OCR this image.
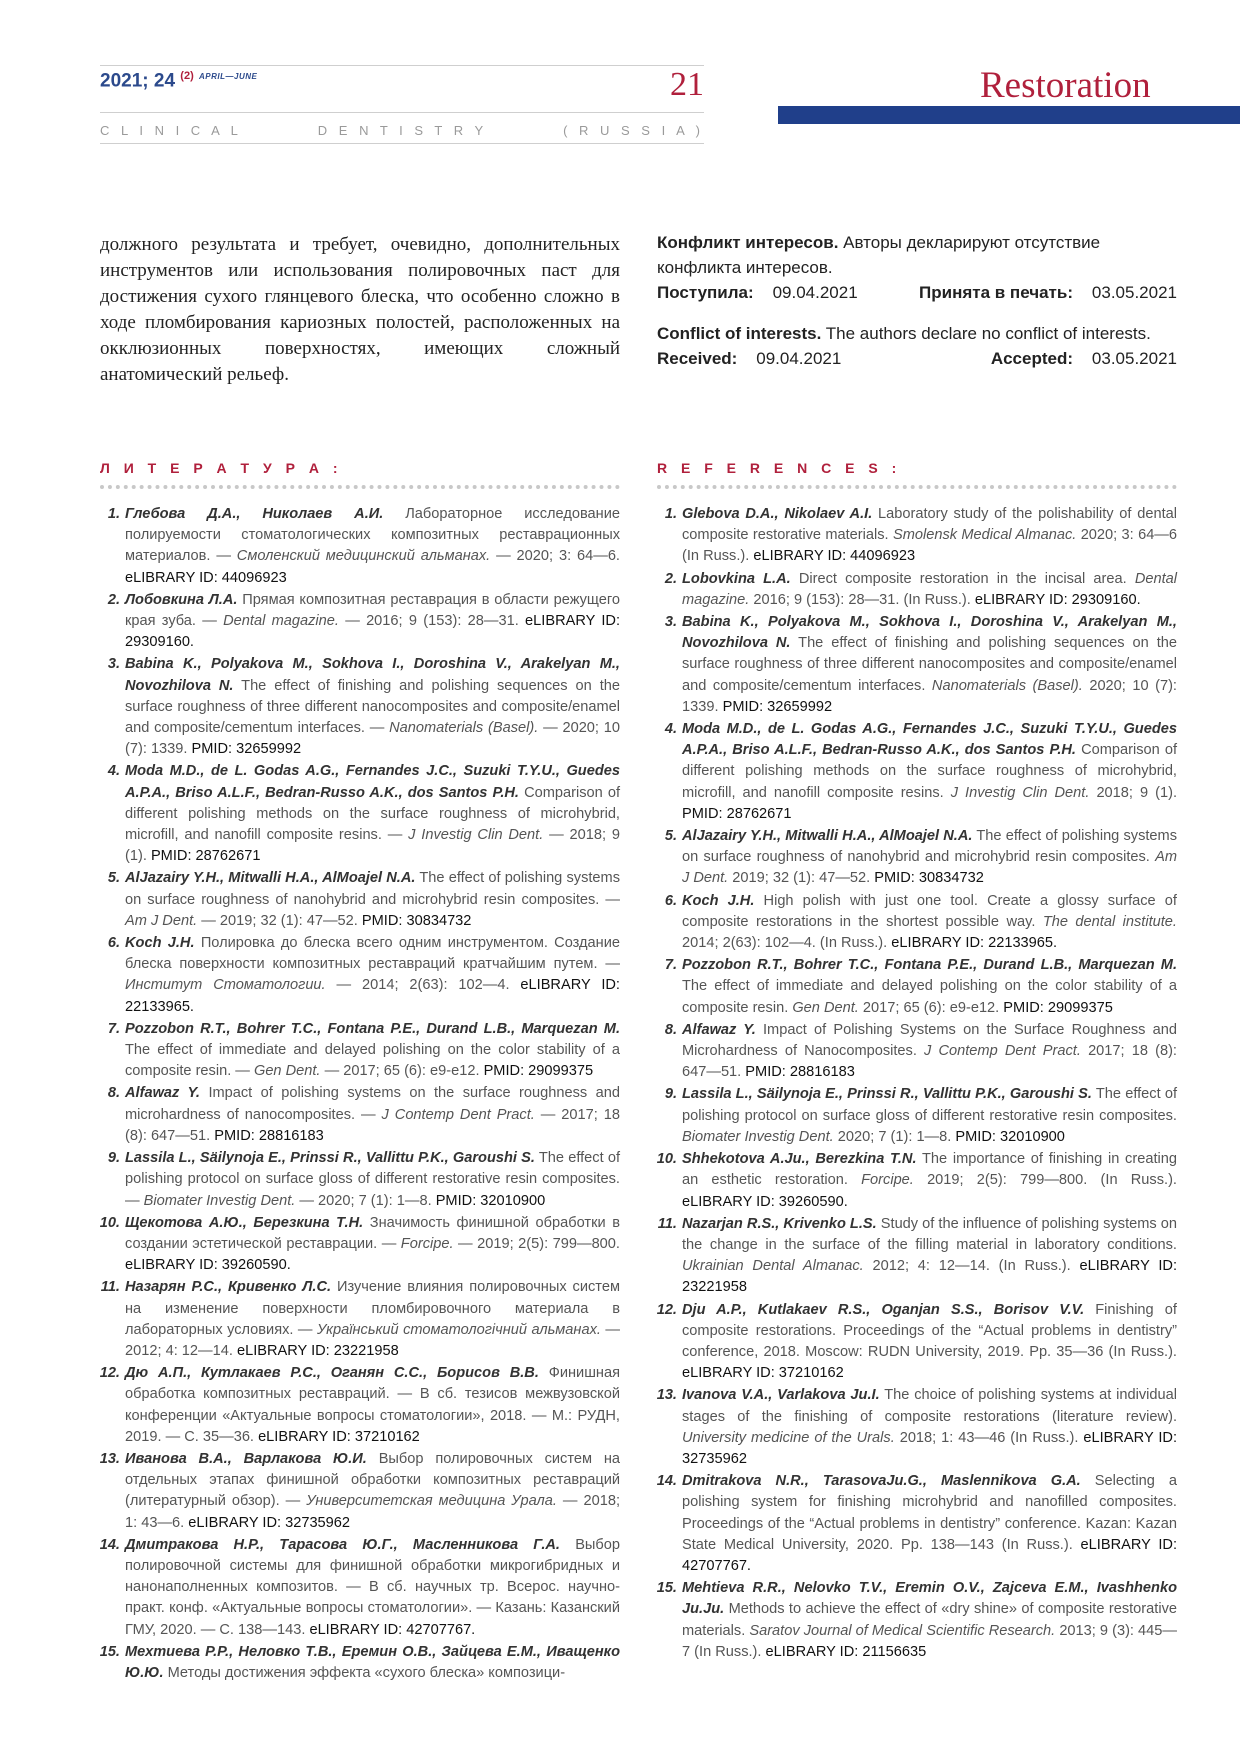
2021; 24 $^{(2)}$ $^{APRIL—JUNE}$	21
C L I N I C A L	D E N T I S T R Y	( R U S S I A )
Restoration

должного результата и требует, очевидно, дополнительных инструментов или использования полировочных паст для достижения сухого глянцевого блеска, что особенно сложно в ходе пломбирования кариозных полостей, расположенных на окклюзионных поверхностях, имеющих сложный анатомический рельеф.

Конфликт интересов. Авторы декларируют отсутствие конфликта интересов.
Поступила: 09.04.2021	Принята в печать: 03.05.2021
Conflict of interests. The authors declare no conflict of interests.
Received: 09.04.2021	Accepted: 03.05.2021
Л И Т Е Р А Т У Р А :	R E F E R E N C E S :
1. Глебова Д.А., Николаев А.И. Лабораторное исследование полируемости стоматологических композитных реставрационных материалов. — Смоленский медицинский альманах. — 2020; 3: 64—6. eLIBRARY ID: 44096923
2. Лобовкина Л.А. Прямая композитная реставрация в области режущего края зуба. — Dental magazine. — 2016; 9 (153): 28—31. eLIBRARY ID: 29309160.
3. Babina K., Polyakova M., Sokhova I., Doroshina V., Arakelyan M., Novozhilova N. The effect of finishing and polishing sequences on the surface roughness of three different nanocomposites and composite/enamel and composite/cementum interfaces. — Nanomaterials (Basel). — 2020; 10 (7): 1339. PMID: 32659992
4. Moda M.D., de L. Godas A.G., Fernandes J.C., Suzuki T.Y.U., Guedes A.P.A., Briso A.L.F., Bedran-Russo A.K., dos Santos P.H. Comparison of different polishing methods on the surface roughness of microhybrid, microfill, and nanofill composite resins. — J Investig Clin Dent. — 2018; 9 (1). PMID: 28762671
5. AlJazairy Y.H., Mitwalli H.A., AlMoajel N.A. The effect of polishing systems on surface roughness of nanohybrid and microhybrid resin composites. — Am J Dent. — 2019; 32 (1): 47—52. PMID: 30834732
6. Koch J.H. Полировка до блеска всего одним инструментом. Создание блеска поверхности композитных реставраций кратчайшим путем. — Институт Стоматологии. — 2014; 2(63): 102—4. eLIBRARY ID: 22133965.
7. Pozzobon R.T., Bohrer T.C., Fontana P.E., Durand L.B., Marquezan M. The effect of immediate and delayed polishing on the color stability of a composite resin. — Gen Dent. — 2017; 65 (6): e9-e12. PMID: 29099375
8. Alfawaz Y. Impact of polishing systems on the surface roughness and microhardness of nanocomposites. — J Contemp Dent Pract. — 2017; 18 (8): 647—51. PMID: 28816183
9. Lassila L., Säilynoja E., Prinssi R., Vallittu P.K., Garoushi S. The effect of polishing protocol on surface gloss of different restorative resin composites. — Biomater Investig Dent. — 2020; 7 (1): 1—8. PMID: 32010900
10. Щекотова А.Ю., Березкина Т.Н. Значимость финишной обработки в создании эстетической реставрации. — Forcipe. — 2019; 2(5): 799—800. eLIBRARY ID: 39260590.
11. Назарян Р.С., Кривенко Л.С. Изучение влияния полировочных систем на изменение поверхности пломбировочного материала в лабораторных условиях. — Український стоматологічний альманах. — 2012; 4: 12—14. eLIBRARY ID: 23221958
12. Дю А.П., Кутлакаев Р.С., Оганян С.С., Борисов В.В. Финишная обработка композитных реставраций. — В сб. тезисов межвузовской конференции «Актуальные вопросы стоматологии», 2018. — М.: РУДН, 2019. — С. 35—36. eLIBRARY ID: 37210162
13. Иванова В.А., Варлакова Ю.И. Выбор полировочных систем на отдельных этапах финишной обработки композитных реставраций (литературный обзор). — Университетская медицина Урала. — 2018; 1: 43—6. eLIBRARY ID: 32735962
14. Дмитракова Н.Р., Тарасова Ю.Г., Масленникова Г.А. Выбор полировочной системы для финишной обработки микрогибридных и нанонаполненных композитов. — В сб. научных тр. Всерос. научно-практ. конф. «Актуальные вопросы стоматологии». — Казань: Казанский ГМУ, 2020. — С. 138—143. eLIBRARY ID: 42707767.
15. Мехтиева Р.Р., Неловко Т.В., Еремин О.В., Зайцева Е.М., Иващенко Ю.Ю. Методы достижения эффекта «сухого блеска» композици-
1. Glebova D.A., Nikolaev A.I. Laboratory study of the polishability of dental composite restorative materials. Smolensk Medical Almanac. 2020; 3: 64—6 (In Russ.). eLIBRARY ID: 44096923
2. Lobovkina L.A. Direct composite restoration in the incisal area. Dental magazine. 2016; 9 (153): 28—31. (In Russ.). eLIBRARY ID: 29309160.
3. Babina K., Polyakova M., Sokhova I., Doroshina V., Arakelyan M., Novozhilova N. The effect of finishing and polishing sequences on the surface roughness of three different nanocomposites and composite/enamel and composite/cementum interfaces. Nanomaterials (Basel). 2020; 10 (7): 1339. PMID: 32659992
4. Moda M.D., de L. Godas A.G., Fernandes J.C., Suzuki T.Y.U., Guedes A.P.A., Briso A.L.F., Bedran-Russo A.K., dos Santos P.H. Comparison of different polishing methods on the surface roughness of microhybrid, microfill, and nanofill composite resins. J Investig Clin Dent. 2018; 9 (1). PMID: 28762671
5. AlJazairy Y.H., Mitwalli H.A., AlMoajel N.A. The effect of polishing systems on surface roughness of nanohybrid and microhybrid resin composites. Am J Dent. 2019; 32 (1): 47—52. PMID: 30834732
6. Koch J.H. High polish with just one tool. Create a glossy surface of composite restorations in the shortest possible way. The dental institute. 2014; 2(63): 102—4. (In Russ.). eLIBRARY ID: 22133965.
7. Pozzobon R.T., Bohrer T.C., Fontana P.E., Durand L.B., Marquezan M. The effect of immediate and delayed polishing on the color stability of a composite resin. Gen Dent. 2017; 65 (6): e9-e12. PMID: 29099375
8. Alfawaz Y. Impact of Polishing Systems on the Surface Roughness and Microhardness of Nanocomposites. J Contemp Dent Pract. 2017; 18 (8): 647—51. PMID: 28816183
9. Lassila L., Säilynoja E., Prinssi R., Vallittu P.K., Garoushi S. The effect of polishing protocol on surface gloss of different restorative resin composites. Biomater Investig Dent. 2020; 7 (1): 1—8. PMID: 32010900
10. Shhekotova A.Ju., Berezkina T.N. The importance of finishing in creating an esthetic restoration. Forcipe. 2019; 2(5): 799—800. (In Russ.). eLIBRARY ID: 39260590.
11. Nazarjan R.S., Krivenko L.S. Study of the influence of polishing systems on the change in the surface of the filling material in laboratory conditions. Ukrainian Dental Almanac. 2012; 4: 12—14. (In Russ.). eLIBRARY ID: 23221958
12. Dju A.P., Kutlakaev R.S., Oganjan S.S., Borisov V.V. Finishing of composite restorations. Proceedings of the “Actual problems in dentistry” conference, 2018. Moscow: RUDN University, 2019. Pp. 35—36 (In Russ.). eLIBRARY ID: 37210162
13. Ivanova V.A., Varlakova Ju.I. The choice of polishing systems at individual stages of the finishing of composite restorations (literature review). University medicine of the Urals. 2018; 1: 43—46 (In Russ.). eLIBRARY ID: 32735962
14. Dmitrakova N.R., TarasovaJu.G., Maslennikova G.A. Selecting a polishing system for finishing microhybrid and nanofilled composites. Proceedings of the “Actual problems in dentistry” conference. Kazan: Kazan State Medical University, 2020. Pp. 138—143 (In Russ.). eLIBRARY ID: 42707767.
15. Mehtieva R.R., Nelovko T.V., Eremin O.V., Zajceva E.M., Ivashhenko Ju.Ju. Methods to achieve the effect of «dry shine» of composite restorative materials. Saratov Journal of Medical Scientific Research. 2013; 9 (3): 445—7 (In Russ.). eLIBRARY ID: 21156635
